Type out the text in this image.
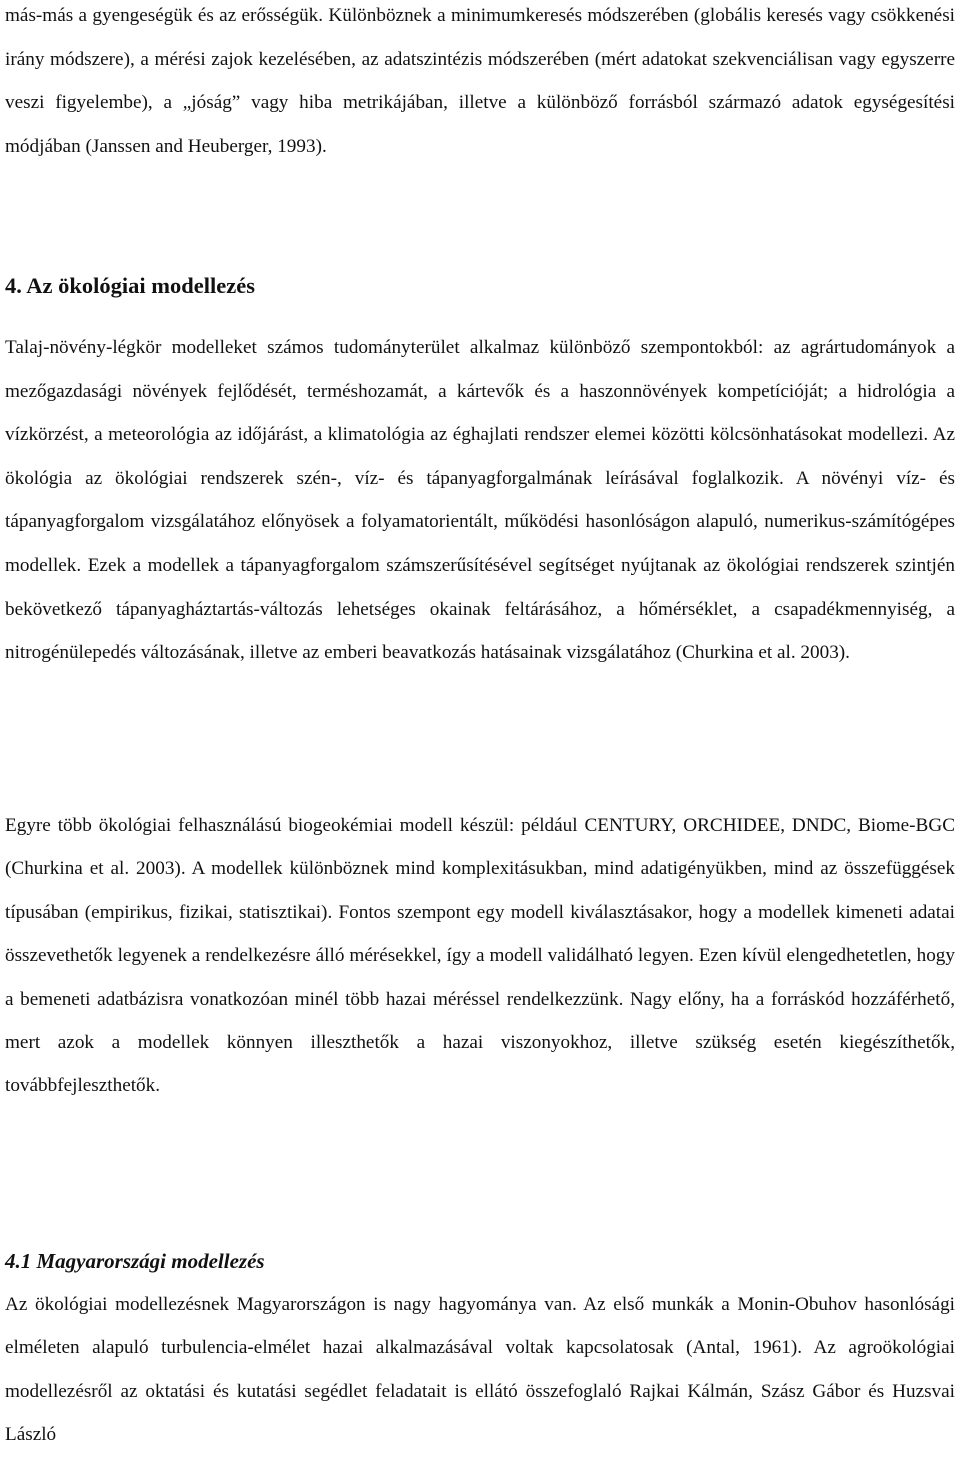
más-más a gyengeségük és az erősségük. Különböznek a minimumkeresés módszerében (globális keresés vagy csökkenési irány módszere), a mérési zajok kezelésében, az adatszintézis módszerében (mért adatokat szekvenciálisan vagy egyszerre veszi figyelembe), a „jóság” vagy hiba metrikájában, illetve a különböző forrásból származó adatok egységesítési módjában (Janssen and Heuberger, 1993).

4. Az ökológiai modellezés

Talaj-növény-légkör modelleket számos tudományterület alkalmaz különböző szempontokból: az agrártudományok a mezőgazdasági növények fejlődését, terméshozamát, a kártevők és a haszonnövények kompetícióját; a hidrológia a vízkörzést, a meteorológia az időjárást, a klimatológia az éghajlati rendszer elemei közötti kölcsönhatásokat modellezi. Az ökológia az ökológiai rendszerek szén-, víz- és tápanyagforgalmának leírásával foglalkozik. A növényi víz- és tápanyagforgalom vizsgálatához előnyösek a folyamatorientált, működési hasonlóságon alapuló, numerikus-számítógépes modellek. Ezek a modellek a tápanyagforgalom számszerűsítésével segítséget nyújtanak az ökológiai rendszerek szintjén bekövetkező tápanyagháztartás-változás lehetséges okainak feltárásához, a hőmérséklet, a csapadékmennyiség, a nitrogénülepedés változásának, illetve az emberi beavatkozás hatásainak vizsgálatához (Churkina et al. 2003).

Egyre több ökológiai felhasználású biogeokémiai modell készül: például CENTURY, ORCHIDEE, DNDC, Biome-BGC (Churkina et al. 2003). A modellek különböznek mind komplexitásukban, mind adatigényükben, mind az összefüggések típusában (empirikus, fizikai, statisztikai). Fontos szempont egy modell kiválasztásakor, hogy a modellek kimeneti adatai összevethetők legyenek a rendelkezésre álló mérésekkel, így a modell validálható legyen. Ezen kívül elengedhetetlen, hogy a bemeneti adatbázisra vonatkozóan minél több hazai méréssel rendelkezzünk. Nagy előny, ha a forráskód hozzáférhető, mert azok a modellek könnyen illeszthetők a hazai viszonyokhoz, illetve szükség esetén kiegészíthetők, továbbfejleszthetők.

4.1 Magyarországi modellezés

Az ökológiai modellezésnek Magyarországon is nagy hagyománya van. Az első munkák a Monin-Obuhov hasonlósági elméleten alapuló turbulencia-elmélet hazai alkalmazásával voltak kapcsolatosak (Antal, 1961). Az agroökológiai modellezésről az oktatási és kutatási segédlet feladatait is ellátó összefoglaló Rajkai Kálmán, Szász Gábor és Huzsvai László
